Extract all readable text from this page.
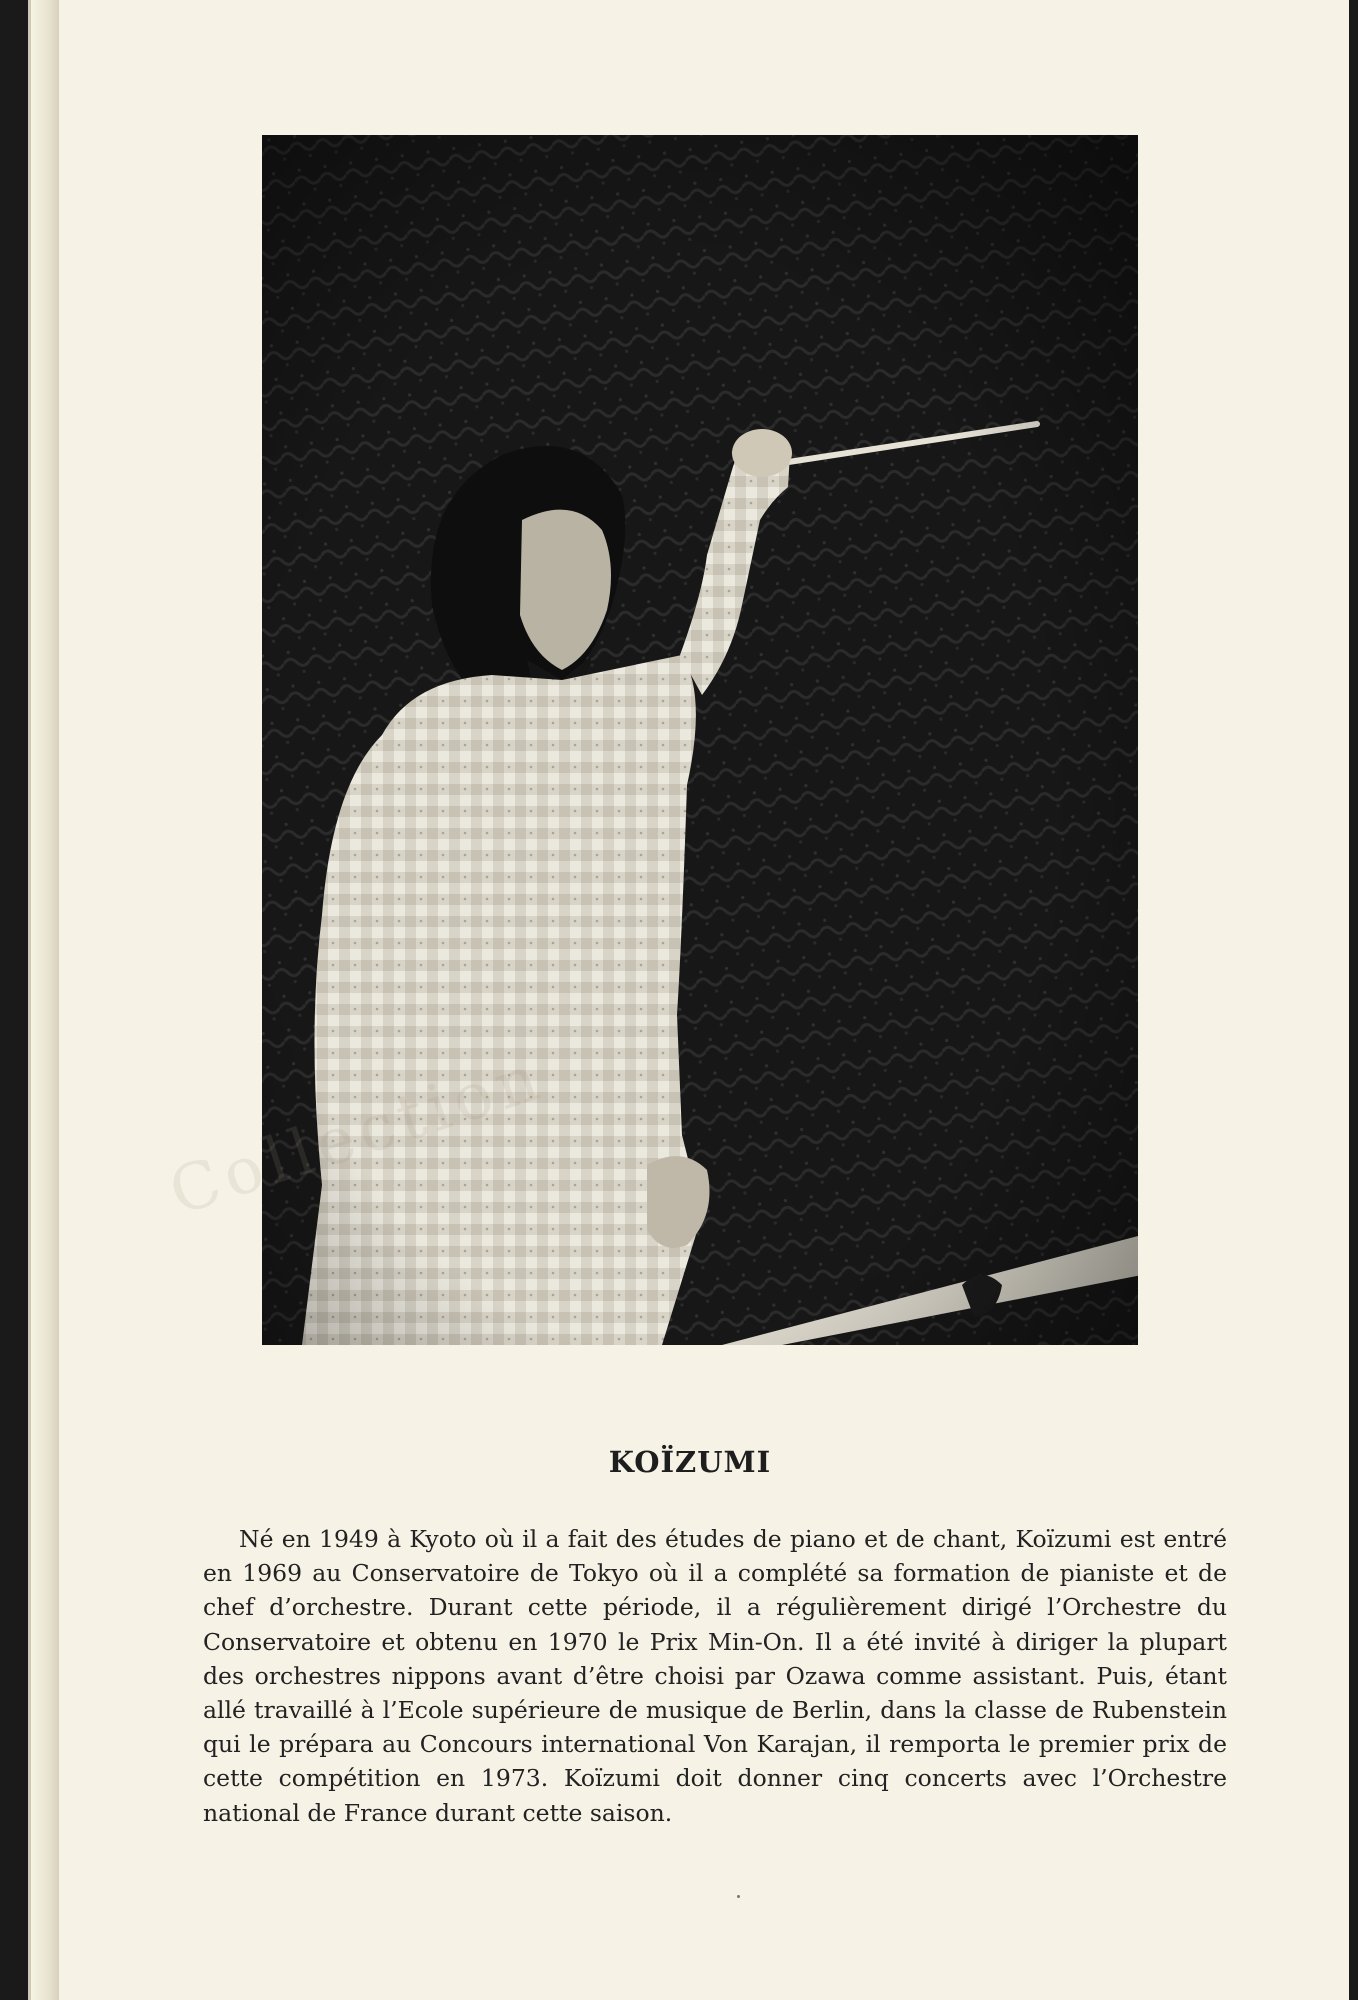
Collection
KOÏZUMI

Né en 1949 à Kyoto où il a fait des études de piano et de chant, Koïzumi est entré en 1969 au Conservatoire de Tokyo où il a complété sa formation de pianiste et de chef d’orchestre. Durant cette période, il a régulièrement dirigé l’Orchestre du Conservatoire et obtenu en 1970 le Prix Min-On. Il a été invité à diriger la plupart des orchestres nippons avant d’être choisi par Ozawa comme assistant. Puis, étant allé travaillé à l’Ecole supérieure de musique de Berlin, dans la classe de Rubenstein qui le prépara au Concours international Von Karajan, il remporta le premier prix de cette compétition en 1973. Koïzumi doit donner cinq concerts avec l’Orchestre national de France durant cette saison.
